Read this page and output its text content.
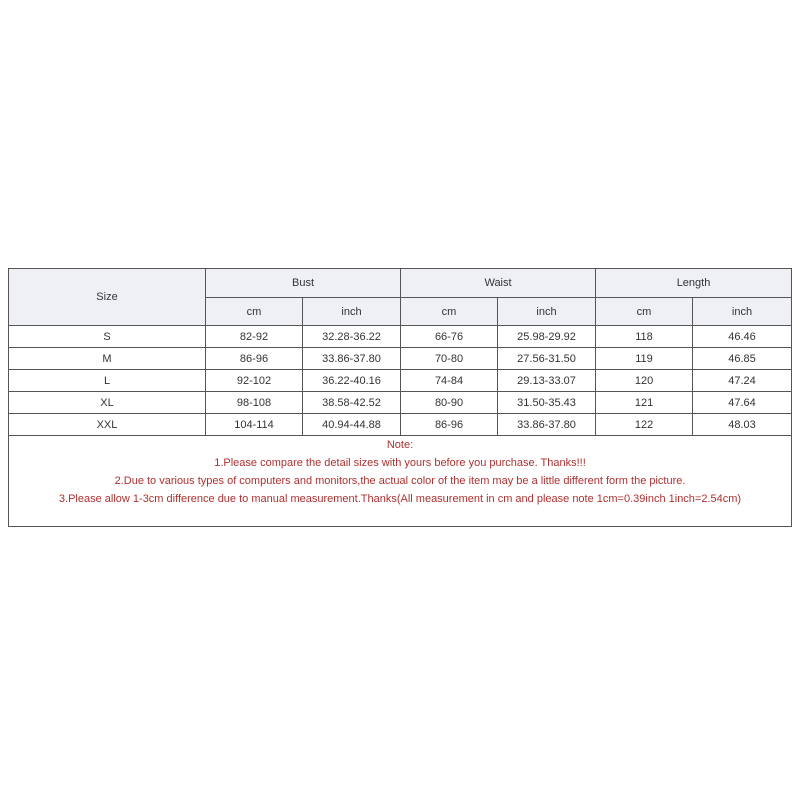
Size	Bust		Waist		Length	
	cm	inch	cm	inch	cm	inch
S	82-92	32.28-36.22	66-76	25.98-29.92	118	46.46
M	86-96	33.86-37.80	70-80	27.56-31.50	119	46.85
L	92-102	36.22-40.16	74-84	29.13-33.07	120	47.24
XL	98-108	38.58-42.52	80-90	31.50-35.43	121	47.64
XXL	104-114	40.94-44.88	86-96	33.86-37.80	122	48.03

Note:
1.Please compare the detail sizes with yours before you purchase. Thanks!!!
2.Due to various types of computers and monitors,the actual color of the item may be a little different form the picture.
3.Please allow 1-3cm difference due to manual measurement.Thanks(All measurement in cm and please note 1cm=0.39inch 1inch=2.54cm)						
